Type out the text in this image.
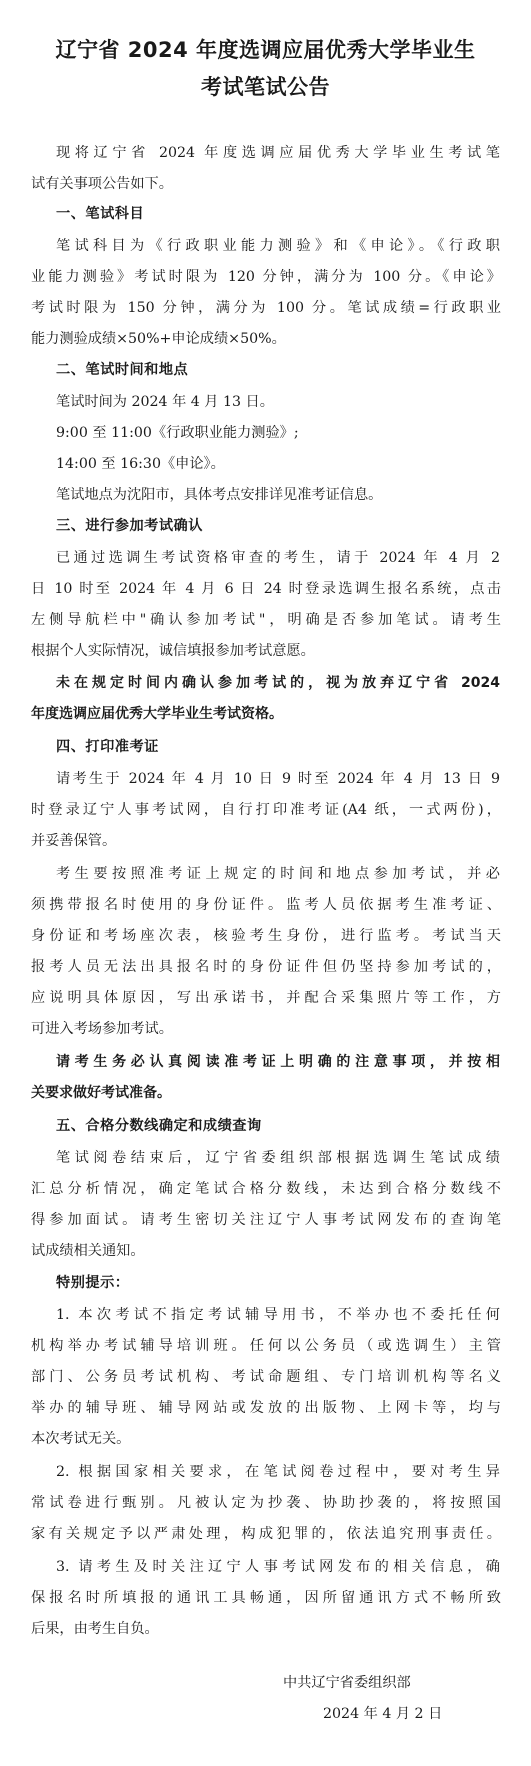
辽宁省 2024 年度选调应届优秀大学毕业生
考试笔试公告

现将辽宁省 2024 年度选调应届优秀大学毕业生考试笔

试有关事项公告如下。

一、笔试科目

笔试科目为《行政职业能力测验》和《申论》。《行政职

业能力测验》考试时限为 120 分钟，满分为 100 分。《申论》

考试时限为 150 分钟，满分为 100 分。笔试成绩=行政职业

能力测验成绩×50%+申论成绩×50%。

二、笔试时间和地点

笔试时间为 2024 年 4 月 13 日。

9:00 至 11:00《行政职业能力测验》;

14:00 至 16:30《申论》。

笔试地点为沈阳市，具体考点安排详见准考证信息。

三、进行参加考试确认

已通过选调生考试资格审查的考生，请于 2024 年 4 月 2

日 10 时至 2024 年 4 月 6 日 24 时登录选调生报名系统，点击

左侧导航栏中"确认参加考试"，明确是否参加笔试。请考生

根据个人实际情况，诚信填报参加考试意愿。

未在规定时间内确认参加考试的，视为放弃辽宁省 2024

年度选调应届优秀大学毕业生考试资格。

四、打印准考证

请考生于 2024 年 4 月 10 日 9 时至 2024 年 4 月 13 日 9

时登录辽宁人事考试网，自行打印准考证(A4 纸，一式两份)，

并妥善保管。

考生要按照准考证上规定的时间和地点参加考试，并必

须携带报名时使用的身份证件。监考人员依据考生准考证、

身份证和考场座次表，核验考生身份，进行监考。考试当天

报考人员无法出具报名时的身份证件但仍坚持参加考试的，

应说明具体原因，写出承诺书，并配合采集照片等工作，方

可进入考场参加考试。

请考生务必认真阅读准考证上明确的注意事项，并按相

关要求做好考试准备。

五、合格分数线确定和成绩查询

笔试阅卷结束后，辽宁省委组织部根据选调生笔试成绩

汇总分析情况，确定笔试合格分数线，未达到合格分数线不

得参加面试。请考生密切关注辽宁人事考试网发布的查询笔

试成绩相关通知。

特别提示：

1. 本次考试不指定考试辅导用书，不举办也不委托任何

机构举办考试辅导培训班。任何以公务员（或选调生）主管

部门、公务员考试机构、考试命题组、专门培训机构等名义

举办的辅导班、辅导网站或发放的出版物、上网卡等，均与

本次考试无关。

2. 根据国家相关要求，在笔试阅卷过程中，要对考生异

常试卷进行甄别。凡被认定为抄袭、协助抄袭的，将按照国

家有关规定予以严肃处理，构成犯罪的，依法追究刑事责任。

3. 请考生及时关注辽宁人事考试网发布的相关信息，确

保报名时所填报的通讯工具畅通，因所留通讯方式不畅所致

后果，由考生自负。

中共辽宁省委组织部

2024 年 4 月 2 日
